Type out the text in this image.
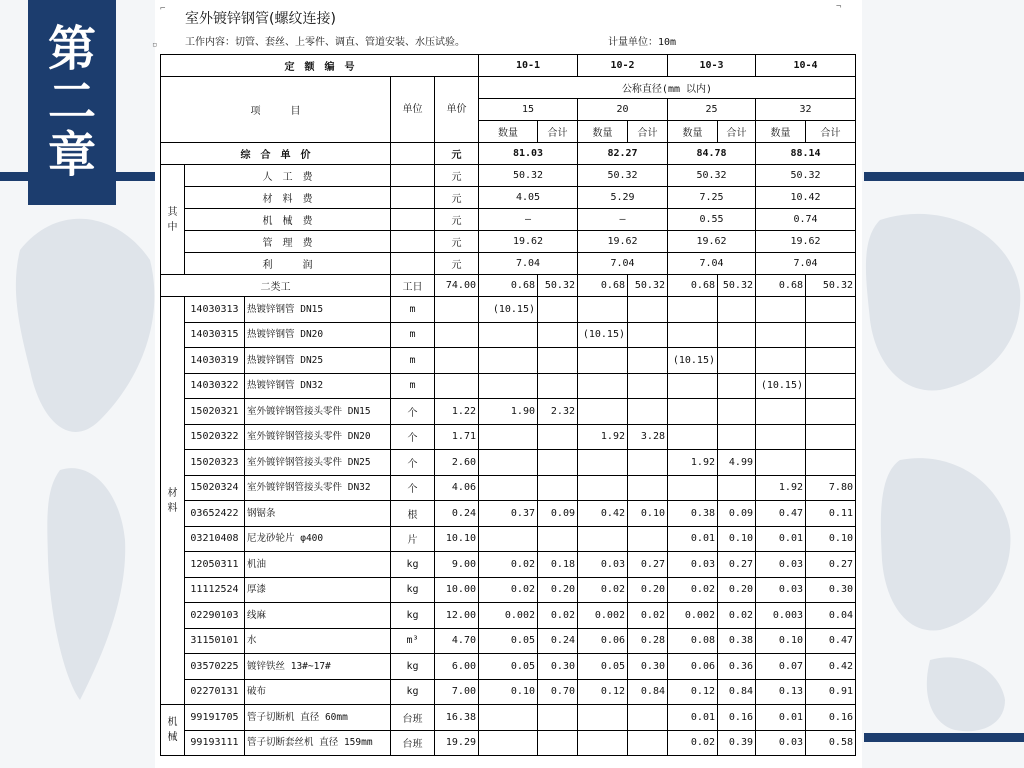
第
二
章
⌐	¬
▫
室外镀锌钢管(螺纹连接)
工作内容：切管、套丝、上零件、调直、管道安装、水压试验。	计量单位：10m
定　额　编　号					10-1		10-2		10-3		10-4	
项　　　目			单位	单价	公称直径(mm 以内)							
					15		20		25		32	
					数量	合计	数量	合计	数量	合计	数量	合计
综　合　单　价				元	81.03		82.27		84.78		88.14	
其中	人　工　费			元	50.32		50.32		50.32		50.32	
	材　料　费			元	4.05		5.29		7.25		10.42	
	机　械　费			元	—		—		0.55		0.74	
	管　理　费			元	19.62		19.62		19.62		19.62	
	利　　　润			元	7.04		7.04		7.04		7.04	
二类工			工日	74.00	0.68	50.32	0.68	50.32	0.68	50.32	0.68	50.32
材料	14030313	热镀锌钢管 DN15	m		(10.15)							
	14030315	热镀锌钢管 DN20	m				(10.15)					
	14030319	热镀锌钢管 DN25	m						(10.15)			
	14030322	热镀锌钢管 DN32	m								(10.15)	
	15020321	室外镀锌钢管接头零件 DN15	个	1.22	1.90	2.32						
	15020322	室外镀锌钢管接头零件 DN20	个	1.71			1.92	3.28				
	15020323	室外镀锌钢管接头零件 DN25	个	2.60					1.92	4.99		
	15020324	室外镀锌钢管接头零件 DN32	个	4.06							1.92	7.80
	03652422	钢锯条	根	0.24	0.37	0.09	0.42	0.10	0.38	0.09	0.47	0.11
	03210408	尼龙砂轮片 φ400	片	10.10					0.01	0.10	0.01	0.10
	12050311	机油	kg	9.00	0.02	0.18	0.03	0.27	0.03	0.27	0.03	0.27
	11112524	厚漆	kg	10.00	0.02	0.20	0.02	0.20	0.02	0.20	0.03	0.30
	02290103	线麻	kg	12.00	0.002	0.02	0.002	0.02	0.002	0.02	0.003	0.04
	31150101	水	m³	4.70	0.05	0.24	0.06	0.28	0.08	0.38	0.10	0.47
	03570225	镀锌铁丝 13#~17#	kg	6.00	0.05	0.30	0.05	0.30	0.06	0.36	0.07	0.42
	02270131	破布	kg	7.00	0.10	0.70	0.12	0.84	0.12	0.84	0.13	0.91
机械	99191705	管子切断机 直径 60mm	台班	16.38					0.01	0.16	0.01	0.16
	99193111	管子切断套丝机 直径 159mm	台班	19.29					0.02	0.39	0.03	0.58
